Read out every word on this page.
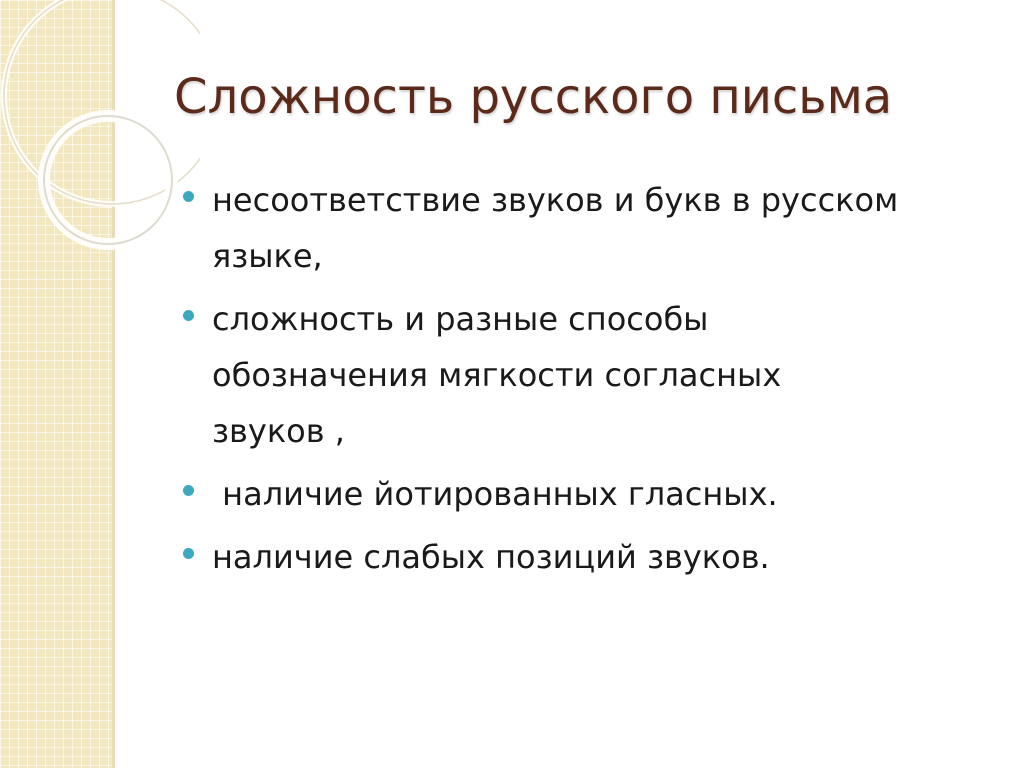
Сложность русского письма
несоответствие звуков и букв в русском языке,
сложность и разные способы обозначения мягкости согласных звуков ,
наличие йотированных гласных.
наличие слабых позиций звуков.
